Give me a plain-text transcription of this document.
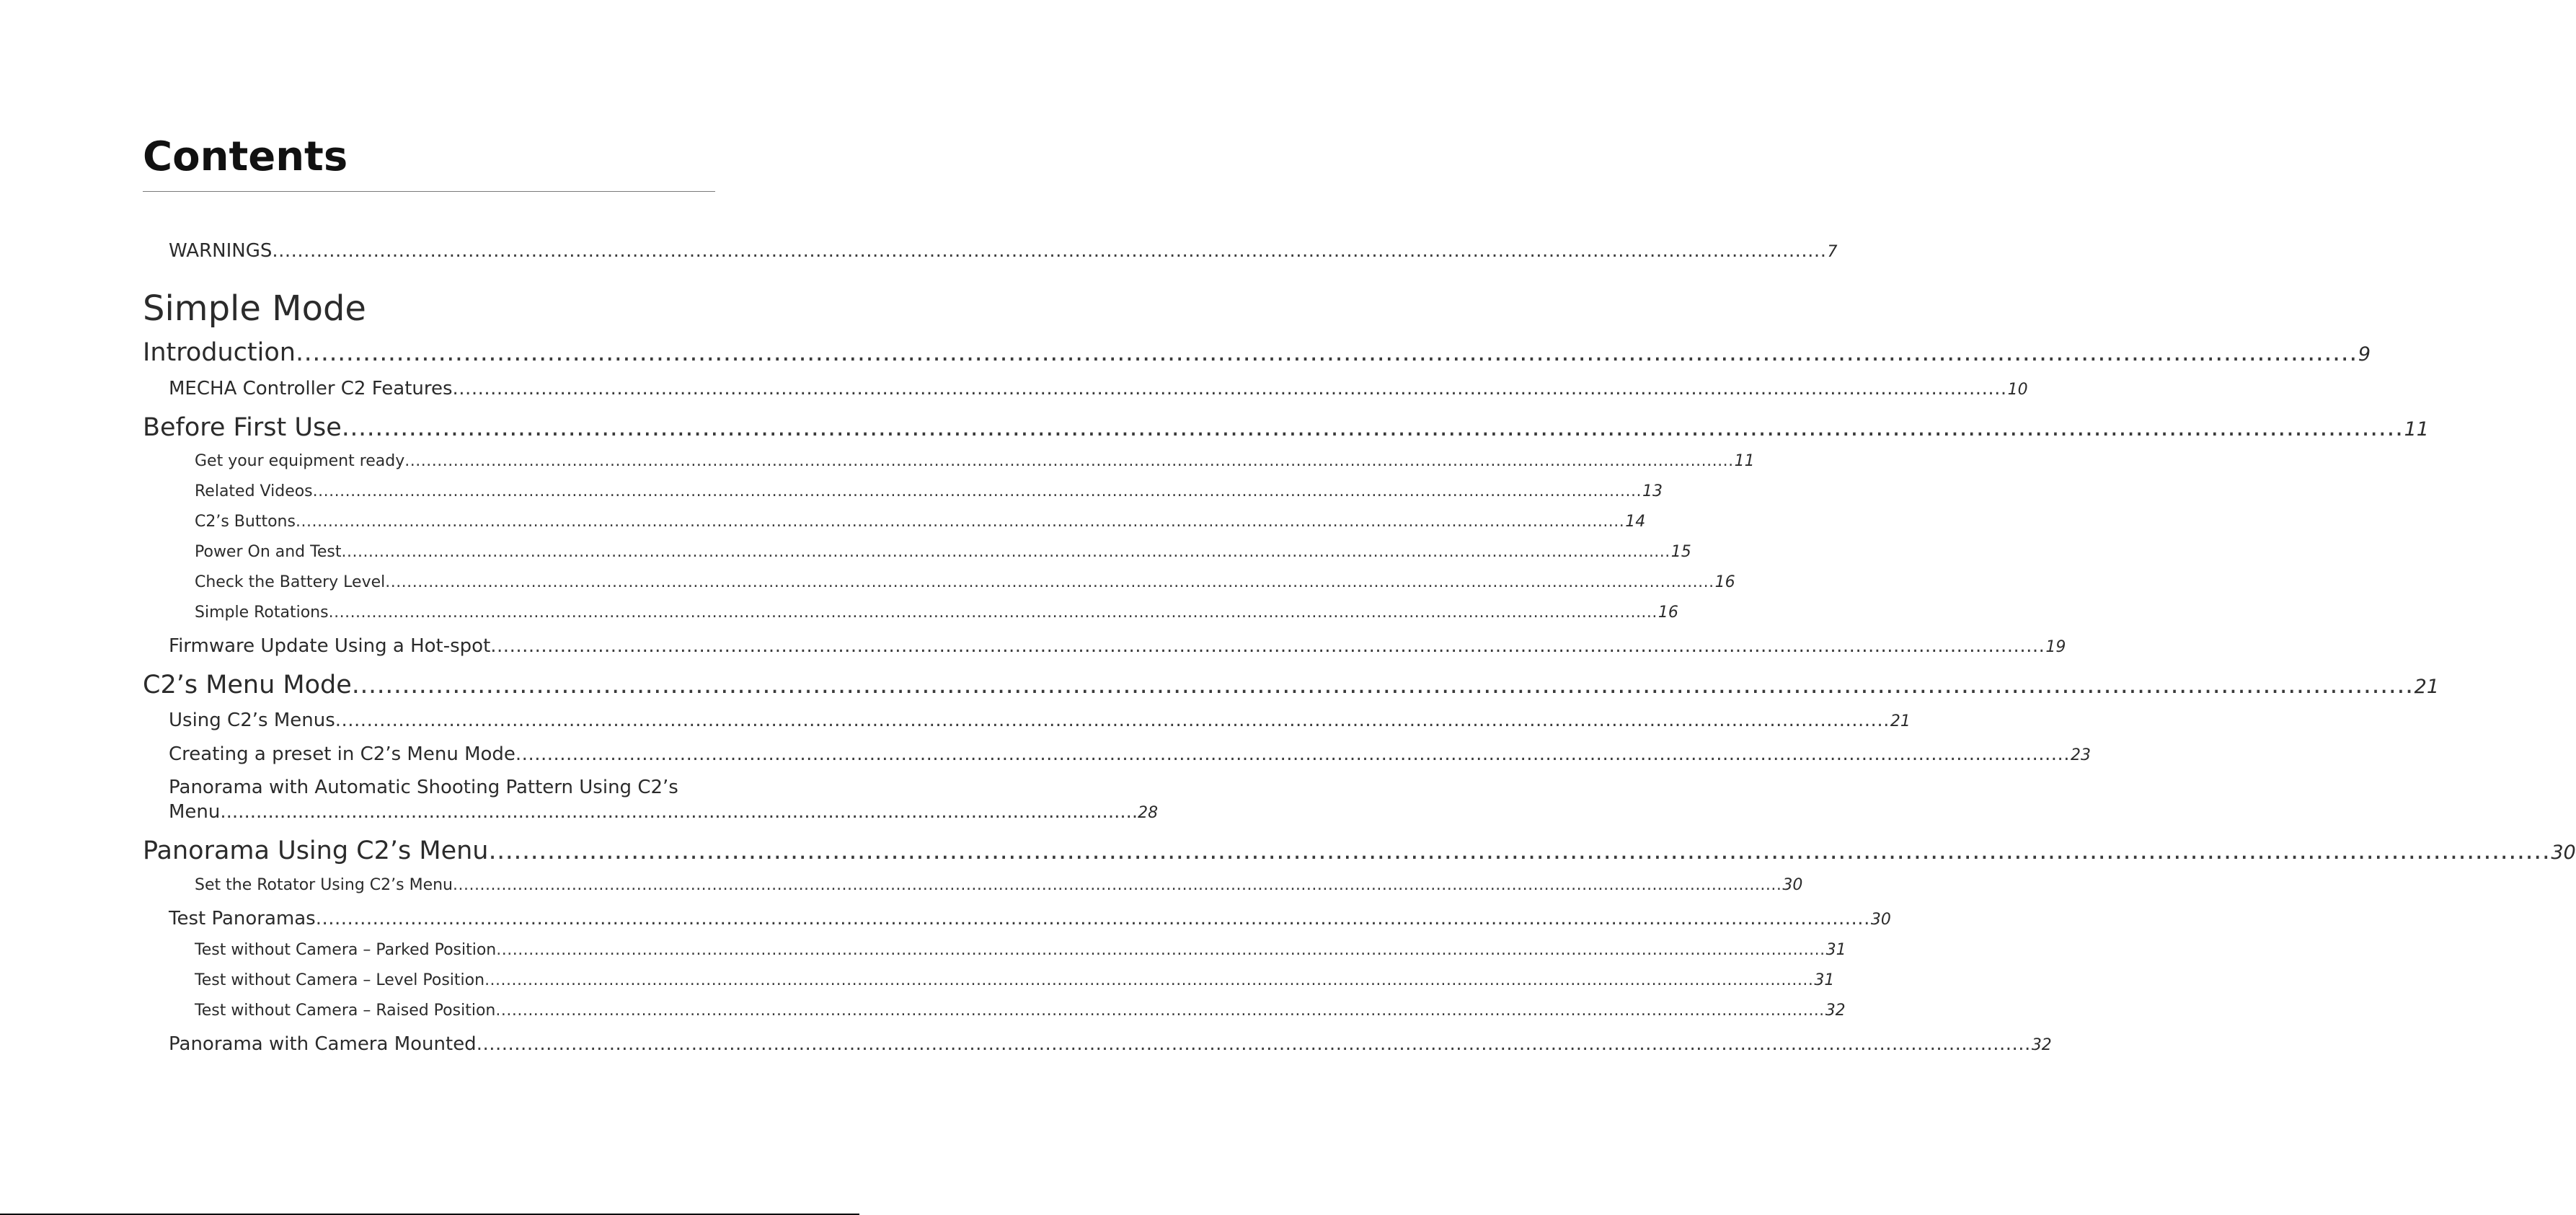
Contents
WARNINGS .....	7
Simple Mode
Introduction .....	9
MECHA Controller C2 Features .....	10
Before First Use .....	11
Get your equipment ready .....	11
Related Videos .....	13
C2’s Buttons .....	14
Power On and Test .....	15
Check the Battery Level .....	16
Simple Rotations .....	16
Firmware Update Using a Hot-spot .....	19
C2’s Menu Mode .....	21
Using C2’s Menus .....	21
Creating a preset in C2’s Menu Mode .....	23
Panorama with Automatic Shooting Pattern Using C2’s
Menu .......................................................................................................................................................... 28
Panorama Using C2’s Menu .....	30
Set the Rotator Using C2’s Menu .....	30
Test Panoramas .....	30
Test without Camera – Parked Position .....	31
Test without Camera – Level Position .....	31
Test without Camera – Raised Position .....	32
Panorama with Camera Mounted .....	32
